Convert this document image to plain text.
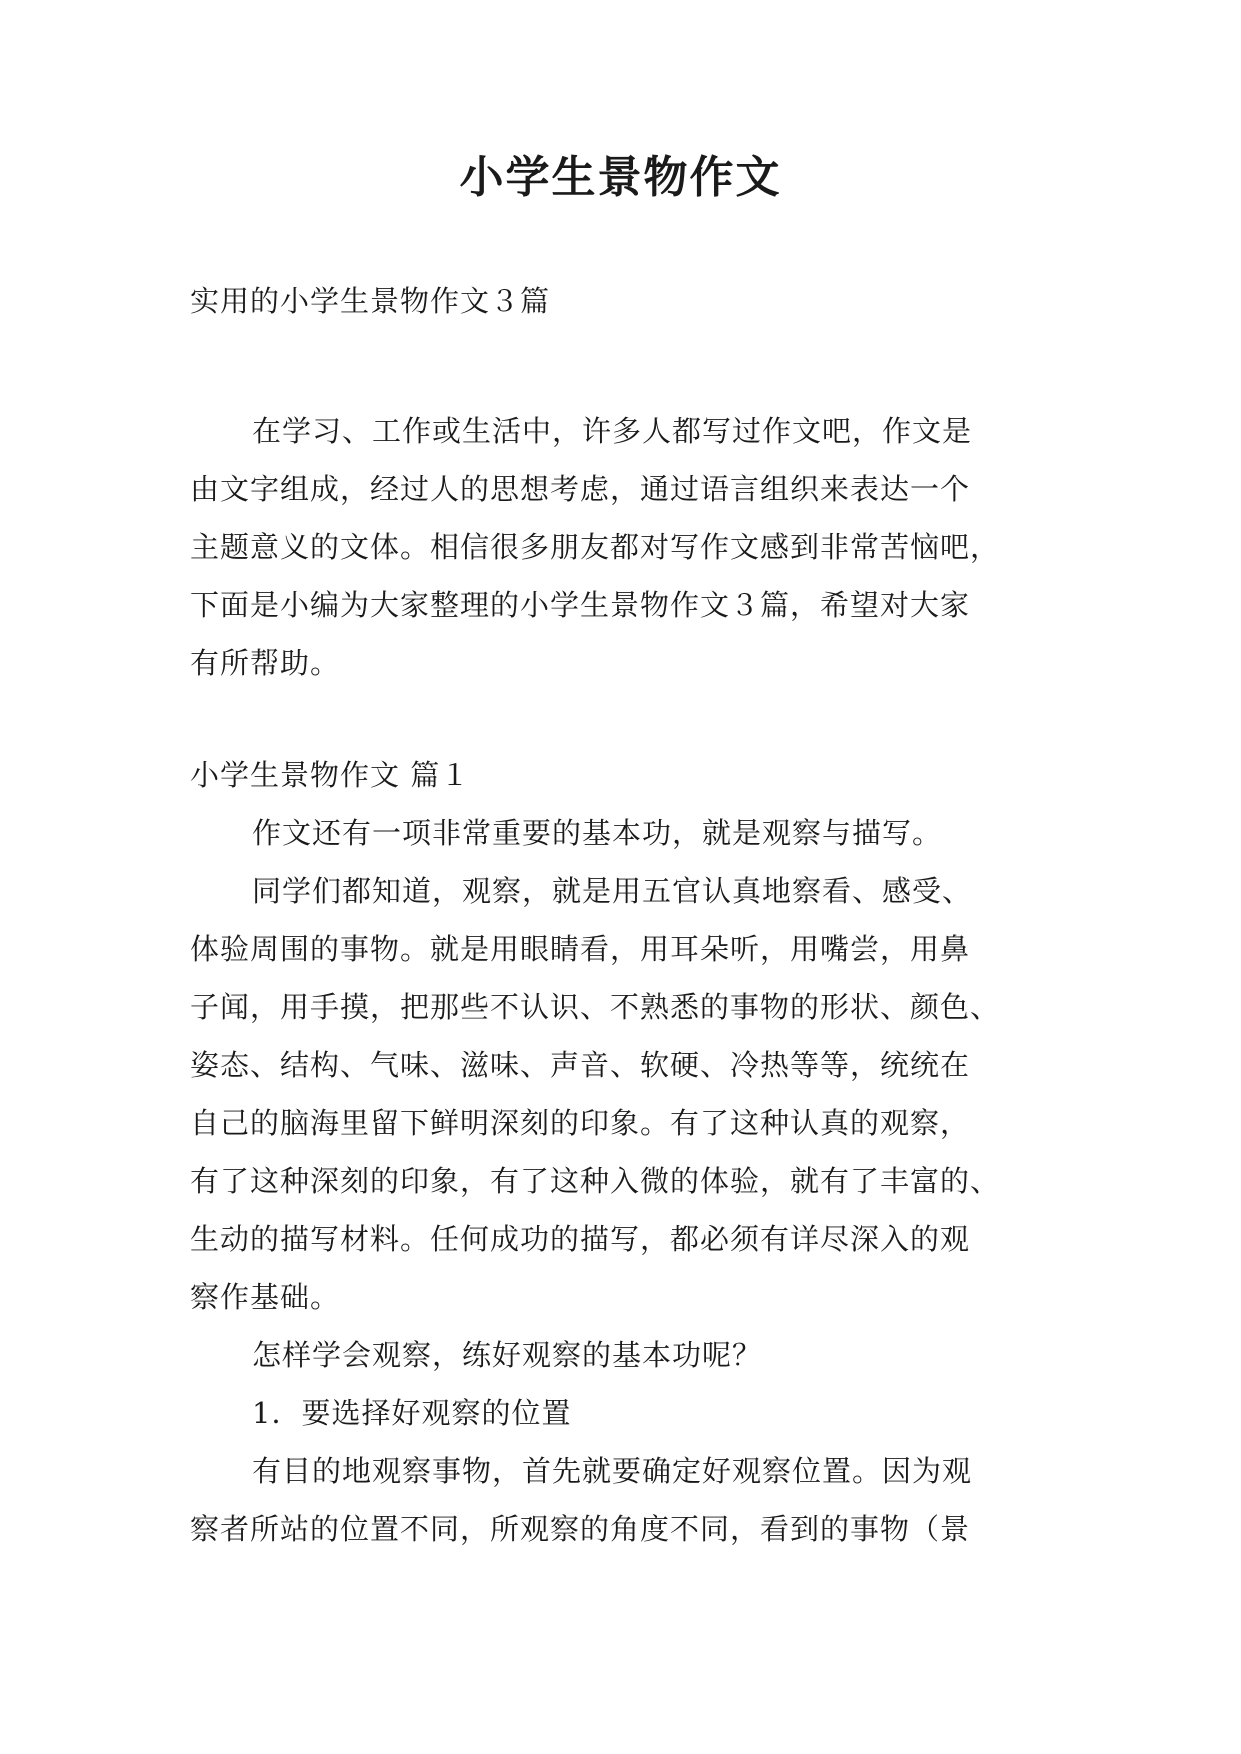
小学生景物作文

实用的小学生景物作文３篇

在学习、工作或生活中，许多人都写过作文吧，作文是
由文字组成，经过人的思想考虑，通过语言组织来表达一个
主题意义的文体。相信很多朋友都对写作文感到非常苦恼吧，
下面是小编为大家整理的小学生景物作文３篇，希望对大家
有所帮助。

小学生景物作文 篇１

作文还有一项非常重要的基本功，就是观察与描写。

同学们都知道，观察，就是用五官认真地察看、感受、
体验周围的事物。就是用眼睛看，用耳朵听，用嘴尝，用鼻
子闻，用手摸，把那些不认识、不熟悉的事物的形状、颜色、
姿态、结构、气味、滋味、声音、软硬、冷热等等，统统在
自己的脑海里留下鲜明深刻的印象。有了这种认真的观察，
有了这种深刻的印象，有了这种入微的体验，就有了丰富的、
生动的描写材料。任何成功的描写，都必须有详尽深入的观
察作基础。

怎样学会观察，练好观察的基本功呢？

1．要选择好观察的位置

有目的地观察事物，首先就要确定好观察位置。因为观
察者所站的位置不同，所观察的角度不同，看到的事物（景
